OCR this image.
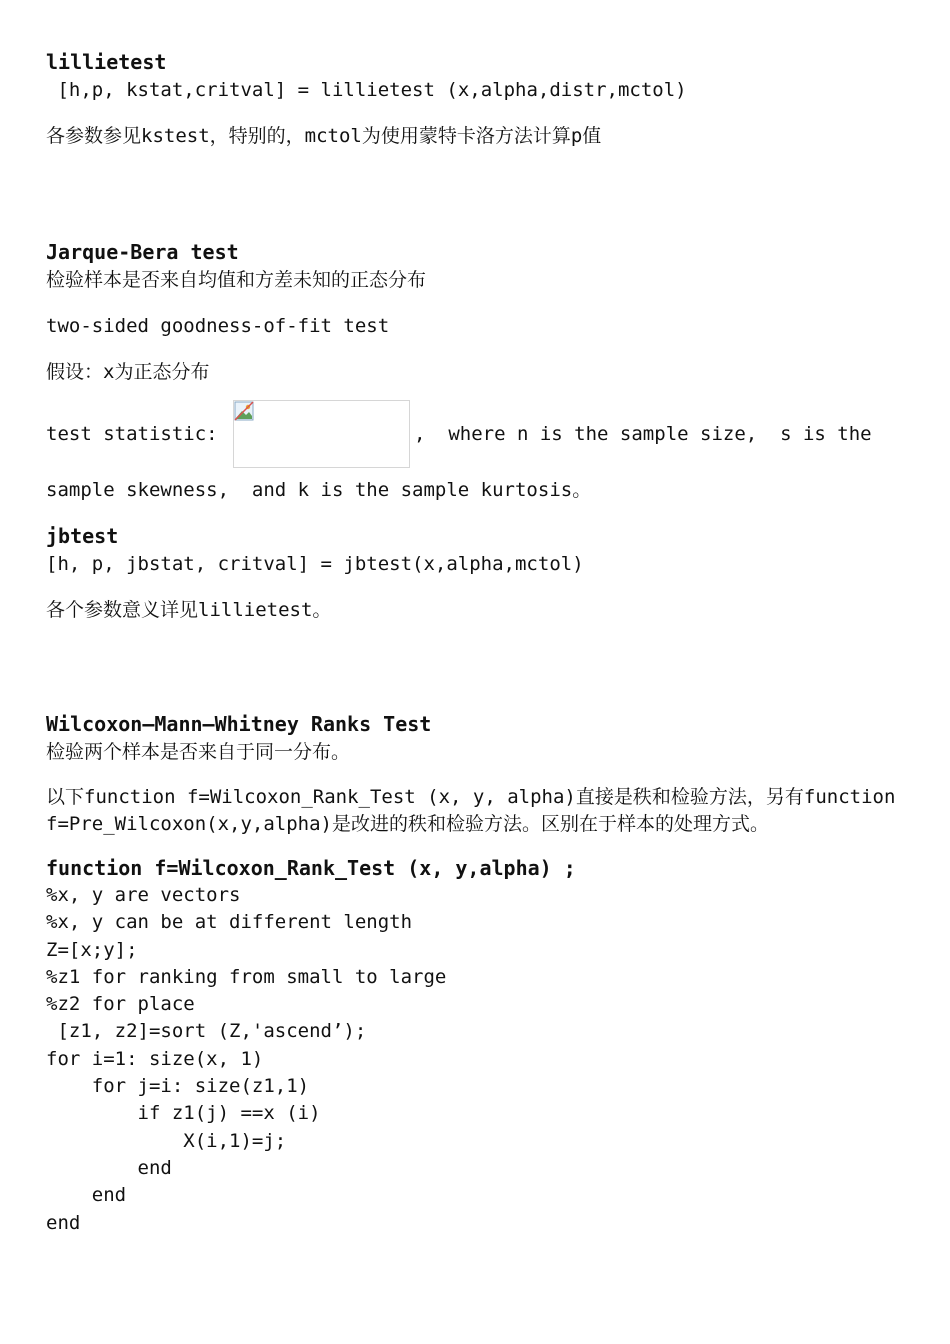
lillietest

[h,p, kstat,critval] = lillietest (x,alpha,distr,mctol)

各参数参见kstest，特别的，mctol为使用蒙特卡洛方法计算p值

Jarque-Bera test

检验样本是否来自均值和方差未知的正态分布

two-sided goodness-of-fit test

假设：x为正态分布

test statistic:	,  where n is the sample size,  s is the

sample skewness,  and k is the sample kurtosis。

jbtest

[h, p, jbstat, critval] = jbtest(x,alpha,mctol)

各个参数意义详见lillietest。

Wilcoxon—Mann—Whitney Ranks Test

检验两个样本是否来自于同一分布。

以下function f=Wilcoxon_Rank_Test (x, y, alpha)直接是秩和检验方法，另有function f=Pre_Wilcoxon(x,y,alpha)是改进的秩和检验方法。区别在于样本的处理方式。

function f=Wilcoxon_Rank_Test (x, y,alpha) ;

%x, y are vectors
%x, y can be at different length
Z=[x;y];
%z1 for ranking from small to large
%z2 for place
[z1, z2]=sort (Z,'ascend’);
for i=1: size(x, 1)
for j=i: size(z1,1)
if z1(j) ==x (i)
X(i,1)=j;
end
end
end
